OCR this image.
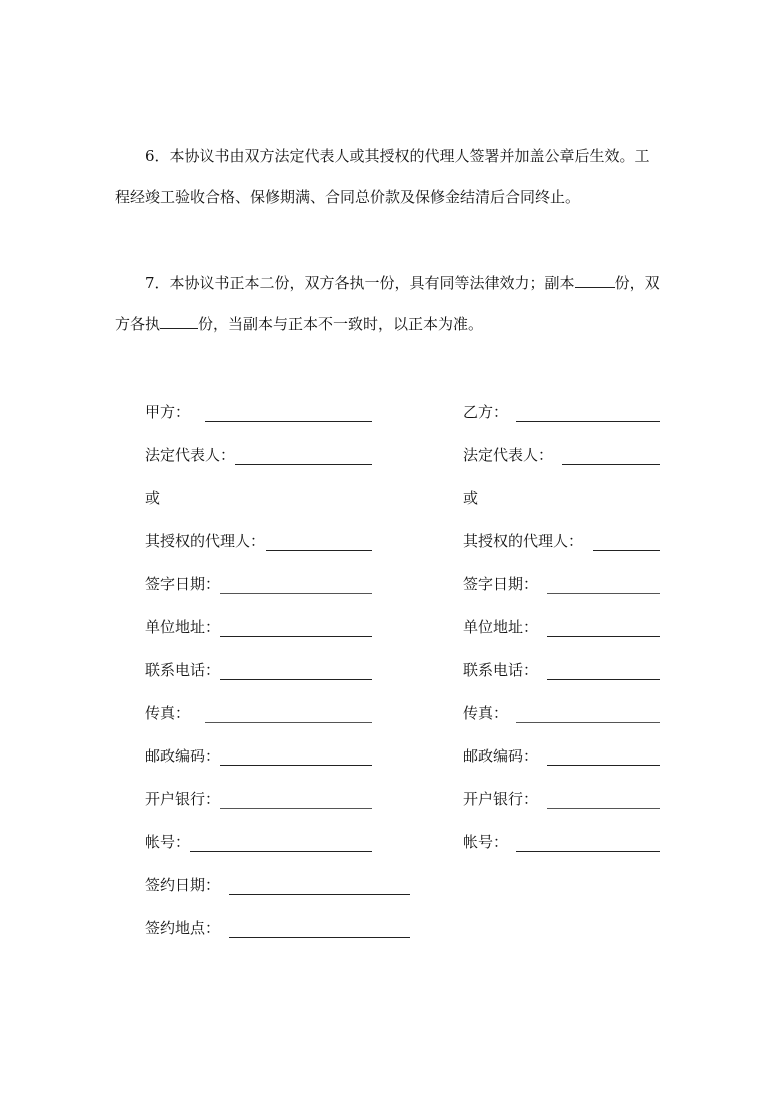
6．本协议书由双方法定代表人或其授权的代理人签署并加盖公章后生效。工程经竣工验收合格、保修期满、合同总价款及保修金结清后合同终止。

7．本协议书正本二份，双方各执一份，具有同等法律效力；副本	份，双方各执	份，当副本与正本不一致时，以正本为准。

甲方：
法定代表人：
或
其授权的代理人：
签字日期：
单位地址：
联系电话：
传真：
邮政编码：
开户银行：
帐号：
乙方：
法定代表人：
或
其授权的代理人：
签字日期：
单位地址：
联系电话：
传真：
邮政编码：
开户银行：
帐号：
签约日期：
签约地点：
